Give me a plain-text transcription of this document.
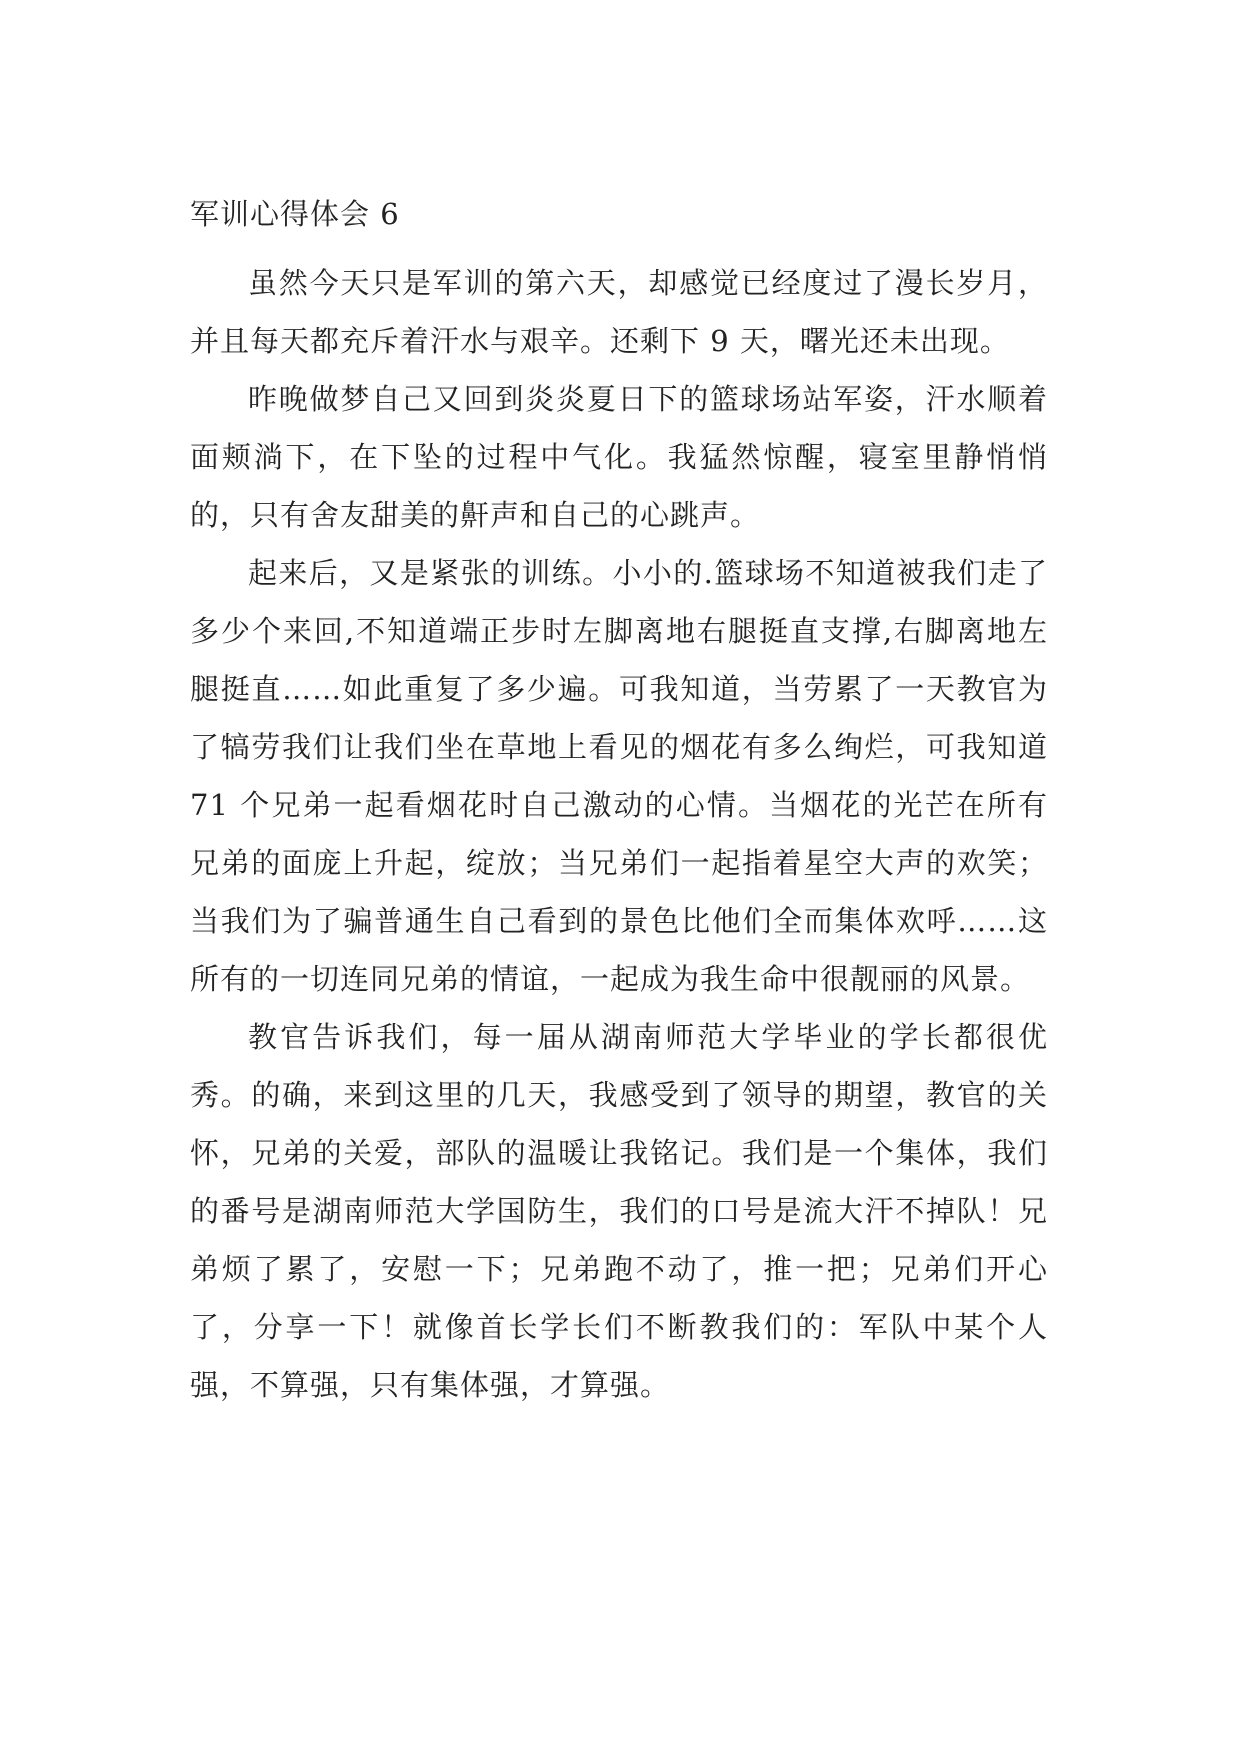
军训心得体会 6

虽然今天只是军训的第六天，却感觉已经度过了漫长岁月，并且每天都充斥着汗水与艰辛。还剩下 9 天，曙光还未出现。

昨晚做梦自己又回到炎炎夏日下的篮球场站军姿，汗水顺着面颊淌下，在下坠的过程中气化。我猛然惊醒，寝室里静悄悄的，只有舍友甜美的鼾声和自己的心跳声。

起来后，又是紧张的训练。小小的.篮球场不知道被我们走了多少个来回,不知道端正步时左脚离地右腿挺直支撑,右脚离地左腿挺直……如此重复了多少遍。可我知道，当劳累了一天教官为了犒劳我们让我们坐在草地上看见的烟花有多么绚烂，可我知道 71 个兄弟一起看烟花时自己激动的心情。当烟花的光芒在所有兄弟的面庞上升起，绽放；当兄弟们一起指着星空大声的欢笑；当我们为了骗普通生自己看到的景色比他们全而集体欢呼……这所有的一切连同兄弟的情谊，一起成为我生命中很靓丽的风景。

教官告诉我们，每一届从湖南师范大学毕业的学长都很优秀。的确，来到这里的几天，我感受到了领导的期望，教官的关怀，兄弟的关爱，部队的温暖让我铭记。我们是一个集体，我们的番号是湖南师范大学国防生，我们的口号是流大汗不掉队！兄弟烦了累了，安慰一下；兄弟跑不动了，推一把；兄弟们开心了，分享一下！就像首长学长们不断教我们的：军队中某个人强，不算强，只有集体强，才算强。
